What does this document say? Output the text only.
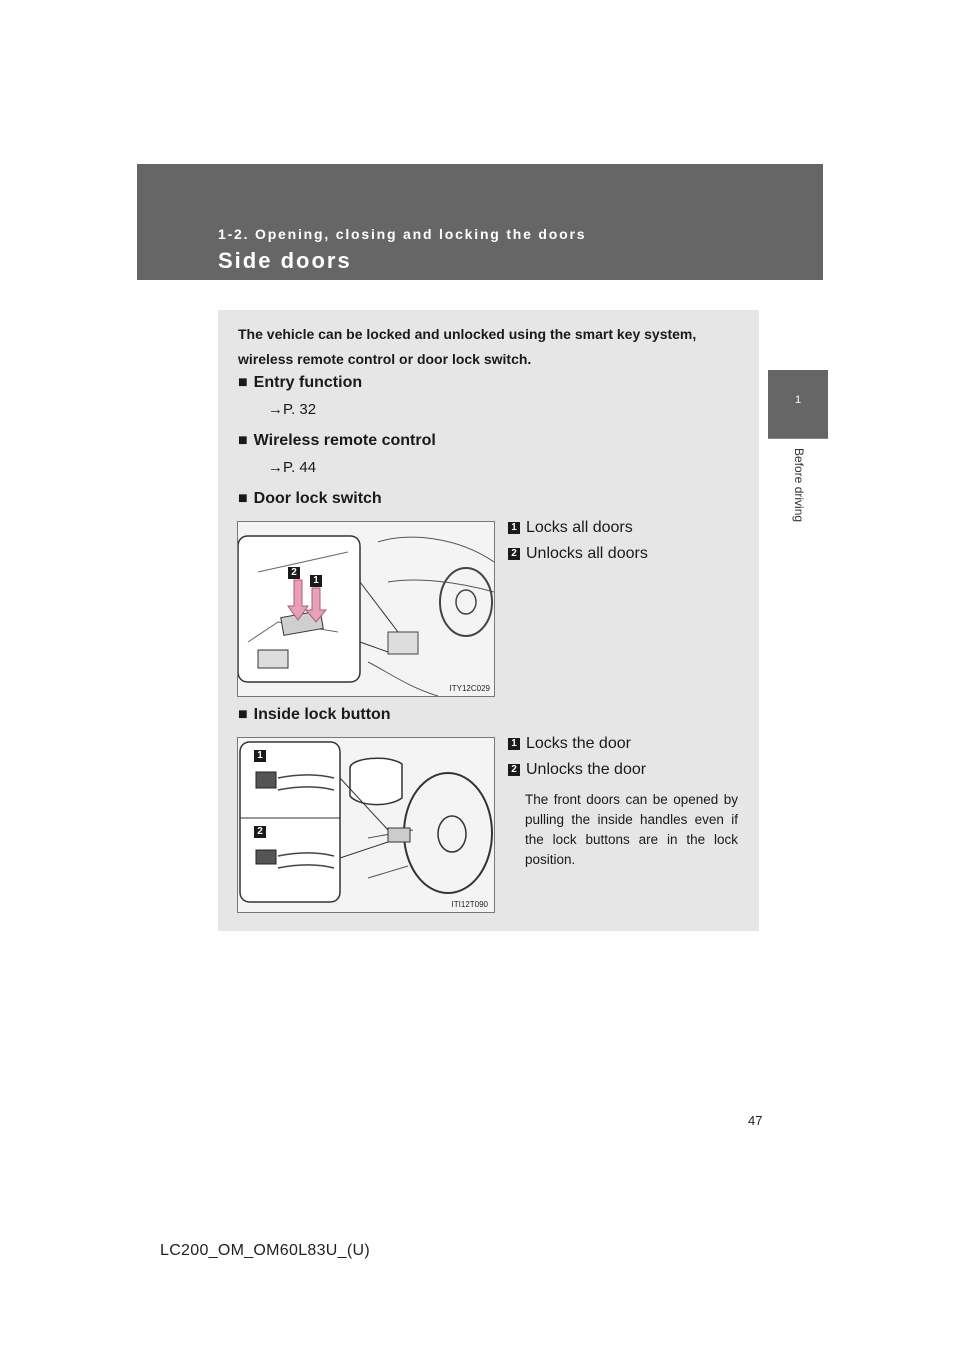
1-2. Opening, closing and locking the doors
Side doors
1
Before driving
The vehicle can be locked and unlocked using the smart key system, wireless remote control or door lock switch.
■ Entry function
→P. 32
■ Wireless remote control
→P. 44
■ Door lock switch
2
1
ITY12C029
1 Locks all doors
2 Unlocks all doors
■ Inside lock button
1
2
ITI12T090
1 Locks the door
2 Unlocks the door
The front doors can be opened by pulling the inside handles even if the lock buttons are in the lock position.
47
LC200_OM_OM60L83U_(U)
